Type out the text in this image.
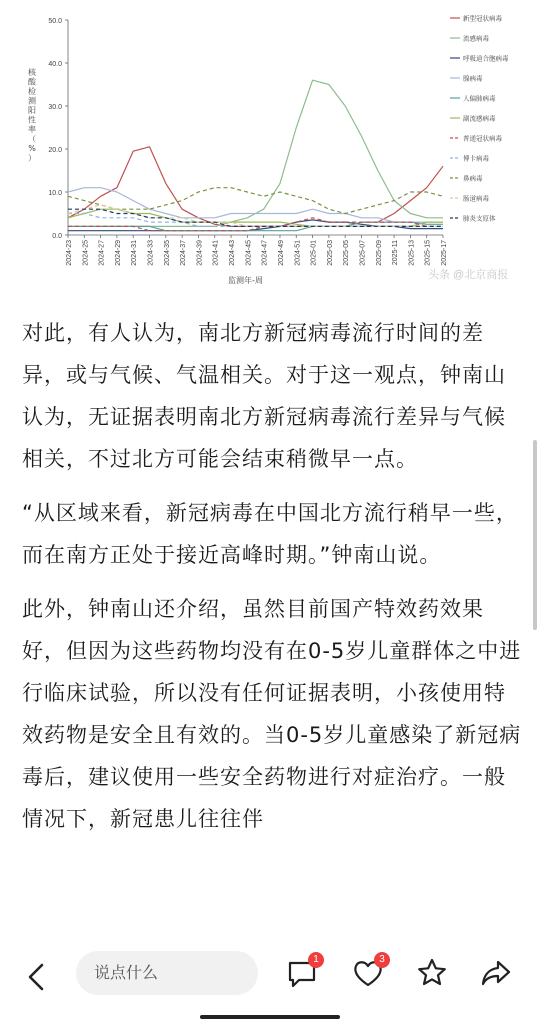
0.0
10.0
20.0
30.0
40.0
50.0
2024-23 2024-25 2024-27 2024-29 2024-31 2024-33 2024-35 2024-37 2024-39 2024-41 2024-43 2024-45 2024-47 2024-49 2024-51 2025-01 2025-03 2025-05 2025-07 2025-09 2025-11 2025-13 2025-15 2025-17
核
酸
检
测
阳
性
率
（
%
）
监测年-周
新型冠状病毒
流感病毒
呼吸道合胞病毒
腺病毒
人偏肺病毒
副流感病毒
普通冠状病毒
博卡病毒
鼻病毒
肠道病毒
肺炎支原体
头条 @北京商报

对此，有人认为，南北方新冠病毒流行时间的差异，或与气候、气温相关。对于这一观点，钟南山认为，无证据表明南北方新冠病毒流行差异与气候相关，不过北方可能会结束稍微早一点。

“从区域来看，新冠病毒在中国北方流行稍早一些，而在南方正处于接近高峰时期。”钟南山说。

此外，钟南山还介绍，虽然目前国产特效药效果好，但因为这些药物均没有在0-5岁儿童群体之中进行临床试验，所以没有任何证据表明，小孩使用特效药物是安全且有效的。当0-5岁儿童感染了新冠病毒后，建议使用一些安全药物进行对症治疗。一般情况下，新冠患儿往往伴

说点什么
1	3
